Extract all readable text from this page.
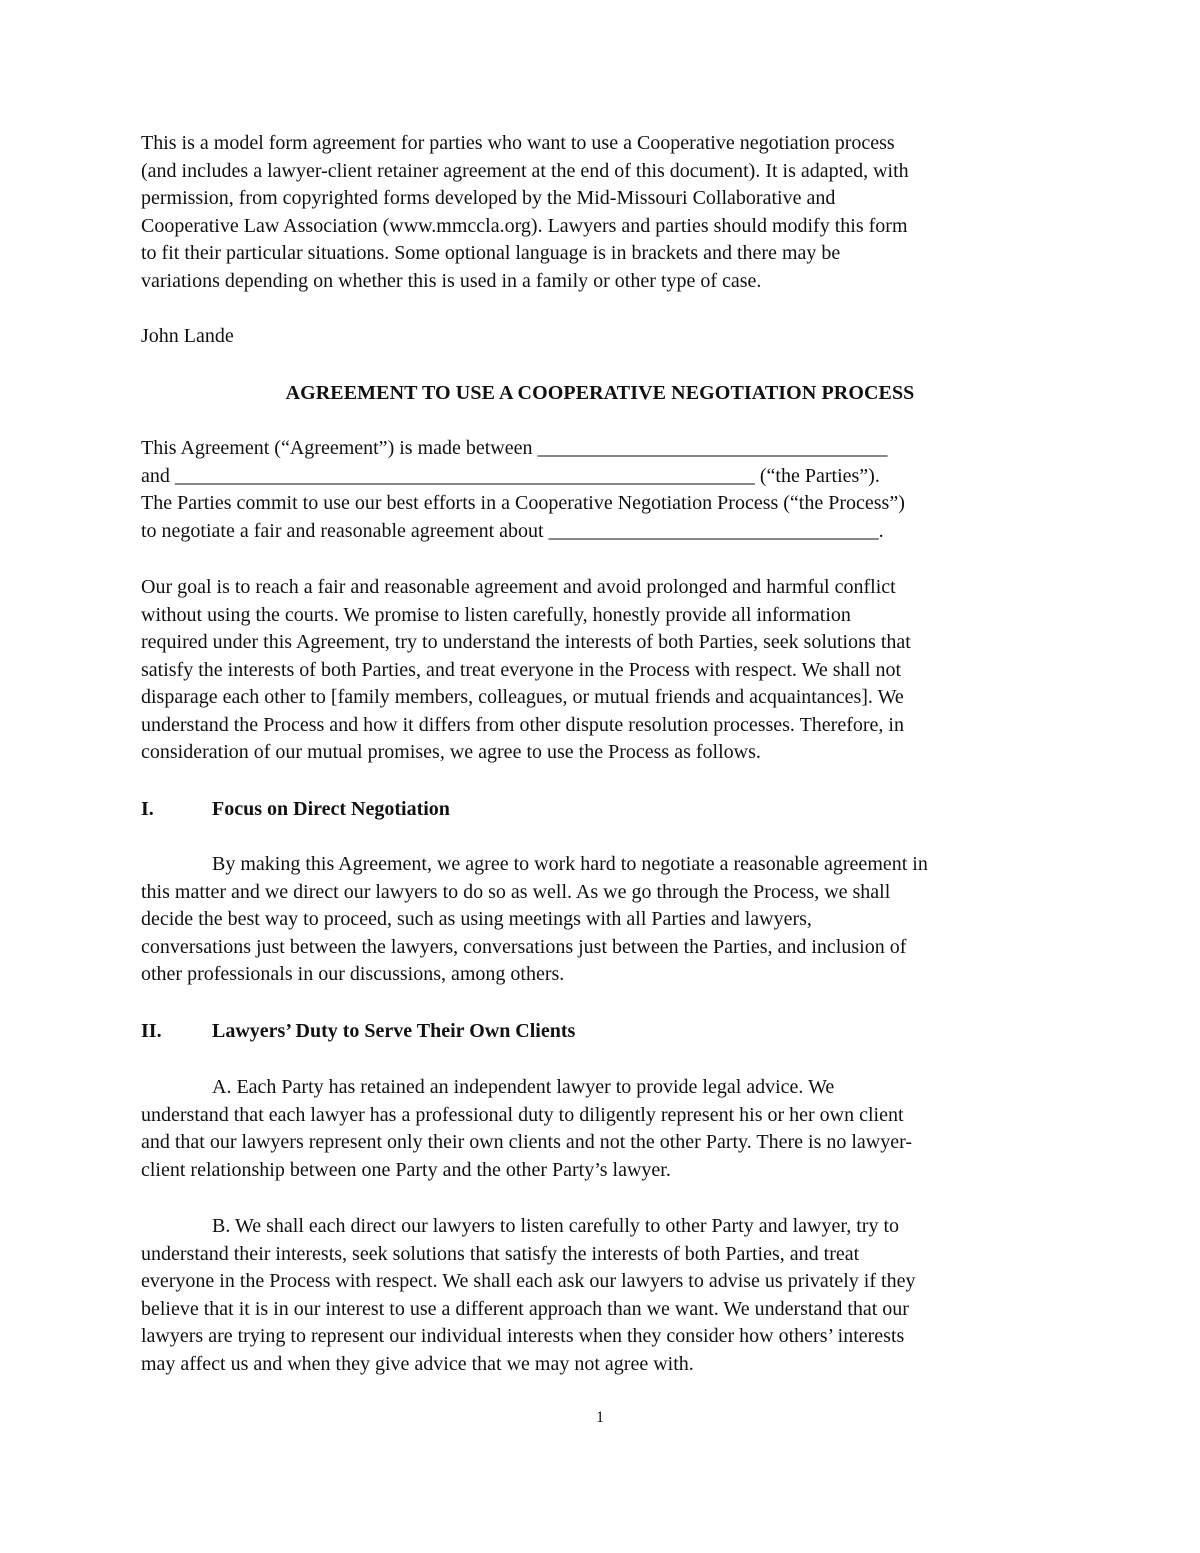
This is a model form agreement for parties who want to use a Cooperative negotiation process
(and includes a lawyer-client retainer agreement at the end of this document). It is adapted, with
permission, from copyrighted forms developed by the Mid-Missouri Collaborative and
Cooperative Law Association (www.mmccla.org). Lawyers and parties should modify this form
to fit their particular situations. Some optional language is in brackets and there may be
variations depending on whether this is used in a family or other type of case.

John Lande

AGREEMENT TO USE A COOPERATIVE NEGOTIATION PROCESS

This Agreement (“Agreement”) is made between ___________________________________
and __________________________________________________________ (“the Parties”).
The Parties commit to use our best efforts in a Cooperative Negotiation Process (“the Process”)
to negotiate a fair and reasonable agreement about _________________________________.

Our goal is to reach a fair and reasonable agreement and avoid prolonged and harmful conflict
without using the courts. We promise to listen carefully, honestly provide all information
required under this Agreement, try to understand the interests of both Parties, seek solutions that
satisfy the interests of both Parties, and treat everyone in the Process with respect. We shall not
disparage each other to [family members, colleagues, or mutual friends and acquaintances]. We
understand the Process and how it differs from other dispute resolution processes. Therefore, in
consideration of our mutual promises, we agree to use the Process as follows.

I.	Focus on Direct Negotiation

By making this Agreement, we agree to work hard to negotiate a reasonable agreement in
this matter and we direct our lawyers to do so as well. As we go through the Process, we shall
decide the best way to proceed, such as using meetings with all Parties and lawyers,
conversations just between the lawyers, conversations just between the Parties, and inclusion of
other professionals in our discussions, among others.

II.	Lawyers’ Duty to Serve Their Own Clients

A. Each Party has retained an independent lawyer to provide legal advice. We
understand that each lawyer has a professional duty to diligently represent his or her own client
and that our lawyers represent only their own clients and not the other Party. There is no lawyer-
client relationship between one Party and the other Party’s lawyer.

B. We shall each direct our lawyers to listen carefully to other Party and lawyer, try to
understand their interests, seek solutions that satisfy the interests of both Parties, and treat
everyone in the Process with respect. We shall each ask our lawyers to advise us privately if they
believe that it is in our interest to use a different approach than we want. We understand that our
lawyers are trying to represent our individual interests when they consider how others’ interests
may affect us and when they give advice that we may not agree with.

1
